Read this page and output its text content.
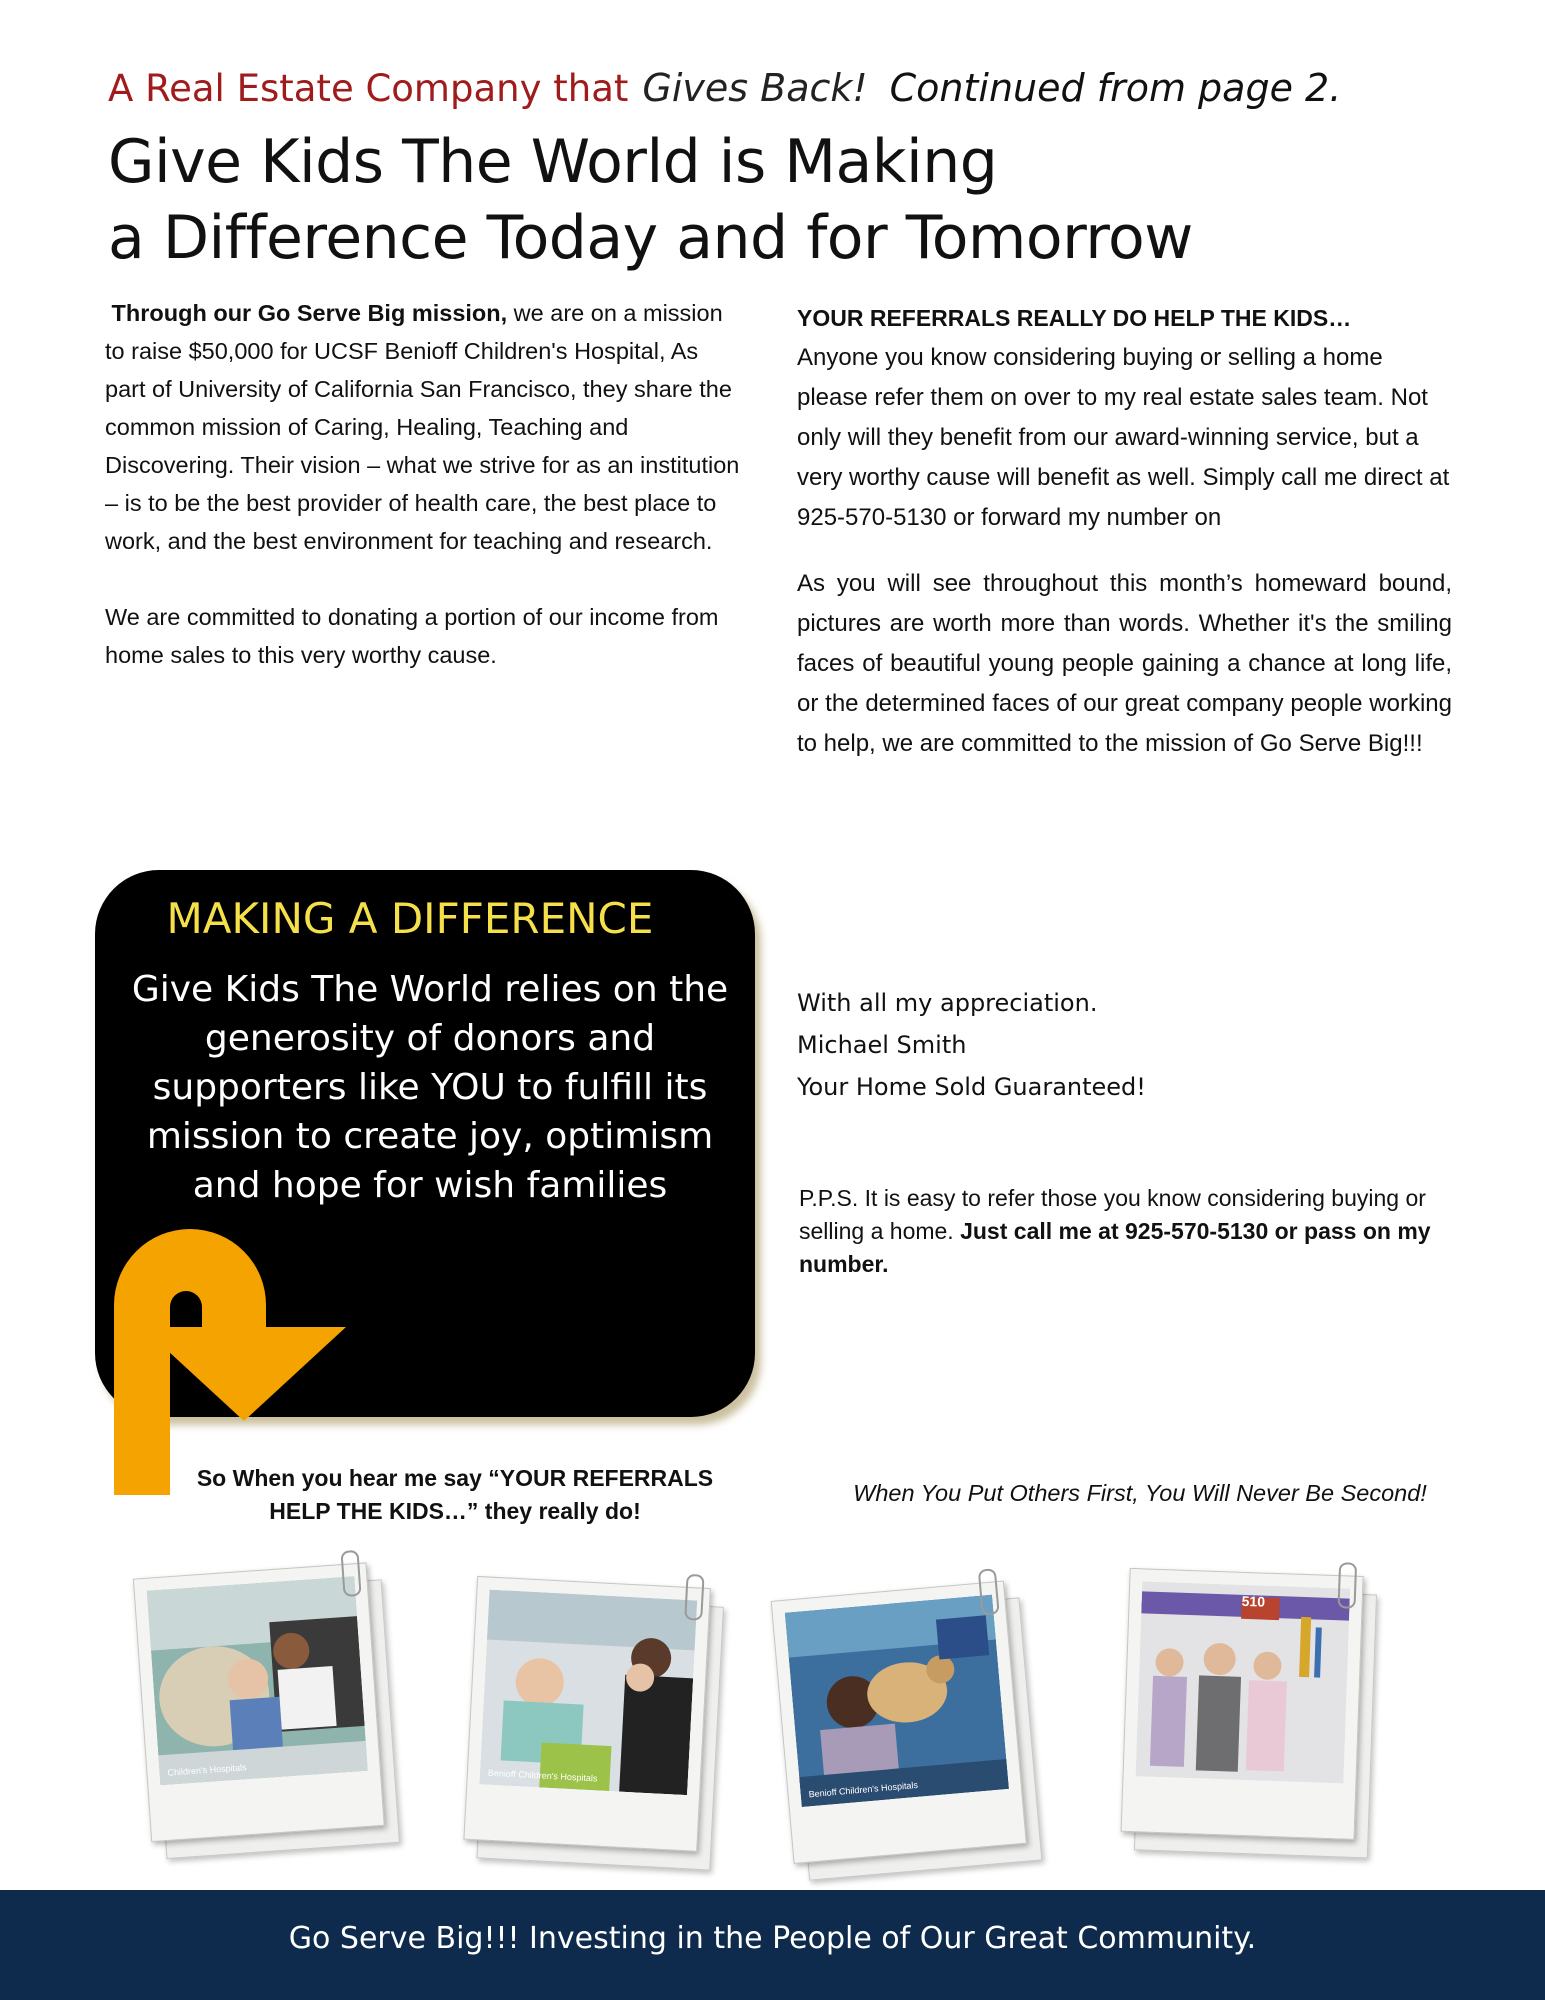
A Real Estate Company that Gives Back! Continued from page 2.
Give Kids The World is Making
a Difference Today and for Tomorrow

Through our Go Serve Big mission, we are on a mission to raise $50,000 for UCSF Benioff Children's Hospital, As part of University of California San Francisco, they share the common mission of Caring, Healing, Teaching and Discovering. Their vision – what we strive for as an institution – is to be the best provider of health care, the best place to work, and the best environment for teaching and research.

We are committed to donating a portion of our income from home sales to this very worthy cause.

YOUR REFERRALS REALLY DO HELP THE KIDS…
Anyone you know considering buying or selling a home please refer them on over to my real estate sales team. Not only will they benefit from our award-winning service, but a very worthy cause will benefit as well. Simply call me direct at 925-570-5130 or forward my number on
As you will see throughout this month’s homeward bound, pictures are worth more than words. Whether it's the smiling faces of beautiful young people gaining a chance at long life, or the determined faces of our great company people working to help, we are committed to the mission of Go Serve Big!!!
MAKING A DIFFERENCE
Give Kids The World relies on the generosity of donors and supporters like YOU to fulfill its mission to create joy, optimism and hope for wish families
So When you hear me say “YOUR REFERRALS
HELP THE KIDS…” they really do!
With all my appreciation.
Michael Smith
Your Home Sold Guaranteed!
P.P.S. It is easy to refer those you know considering buying or selling a home. Just call me at 925-570-5130 or pass on my number.
When You Put Others First, You Will Never Be Second!
Children's Hospitals	Benioff Children's Hospitals
Benioff Children's Hospitals
510
Go Serve Big!!! Investing in the People of Our Great Community.
